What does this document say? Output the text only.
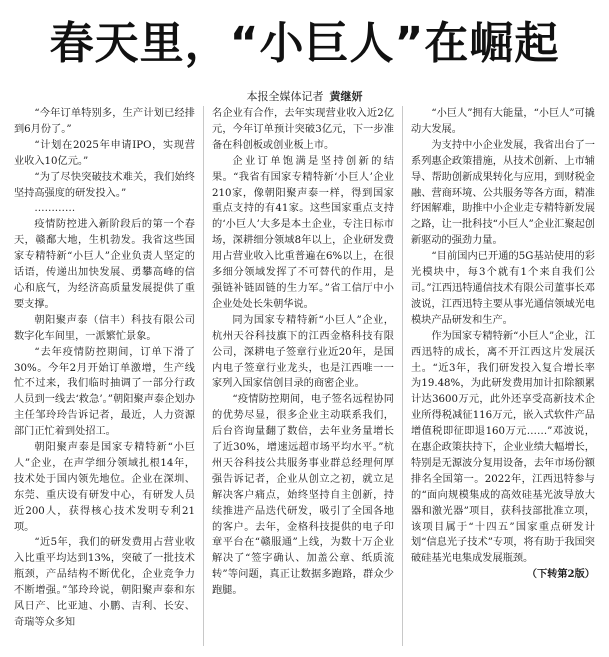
春天里，“小巨人”在崛起
本报全媒体记者 黄继妍

“今年订单特别多，生产计划已经排到6月份了。”

“计划在2025年申请IPO，实现营业收入10亿元。”

“为了尽快突破技术难关，我们始终坚持高强度的研发投入。”

…………

疫情防控进入新阶段后的第一个春天，赣鄱大地，生机勃发。我省这些国家专精特新“小巨人”企业负责人坚定的话语，传递出加快发展、勇攀高峰的信心和底气，为经济高质量发展提供了重要支撑。

朝阳聚声泰（信丰）科技有限公司数字化车间里，一派繁忙景象。

“去年疫情防控期间，订单下滑了30%。今年2月开始订单激增，生产线忙不过来，我们临时抽调了一部分行政人员到一线去‘救急’。”朝阳聚声泰企划办主任邹玲玲告诉记者，最近，人力资源部门正忙着到处招工。

朝阳聚声泰是国家专精特新“小巨人”企业，在声学细分领域扎根14年，技术处于国内领先地位。企业在深圳、东莞、重庆设有研发中心，有研发人员近200人，获得核心技术发明专利21项。

“近5年，我们的研发费用占营业收入比重平均达到13%，突破了一批技术瓶颈，产品结构不断优化，企业竞争力不断增强。”邹玲玲说，朝阳聚声泰和东风日产、比亚迪、小鹏、吉利、长安、奇瑞等众多知

名企业有合作，去年实现营业收入近2亿元，今年订单预计突破3亿元，下一步准备在科创板或创业板上市。

企业订单饱满是坚持创新的结果。“我省有国家专精特新‘小巨人’企业210家，像朝阳聚声泰一样，得到国家重点支持的有41家。这些国家重点支持的‘小巨人’大多是本土企业，专注日标市场，深耕细分领域8年以上，企业研发费用占营业收入比重普遍在6%以上，在很多细分领域发挥了不可替代的作用，是强链补链固链的生力军。”省工信厅中小企业处处长朱朝华说。

同为国家专精特新“小巨人”企业，杭州天谷科技旗下的江西金格科技有限公司，深耕电子签章行业近20年，是国内电子签章行业龙头，也是江西唯一一家列入国家信创目录的商密企业。

“疫情防控期间，电子签名远程协同的优势尽显，很多企业主动联系我们，后台咨询量翻了数倍，去年业务量增长了近30%，增速远超市场平均水平。”杭州天谷科技公共服务事业群总经理何厚强告诉记者，企业从创立之初，就立足解决客户痛点，始终坚持自主创新，持续推进产品迭代研发，吸引了全国各地的客户。去年，金格科技提供的电子印章平台在“赣服通”上线，为数十万企业解决了“签字确认、加盖公章、纸质流转”等问题，真正让数据多跑路，群众少跑腿。

“小巨人”拥有大能量，“小巨人”可撬动大发展。

为支持中小企业发展，我省出台了一系列惠企政策措施，从技术创新、上市辅导、帮助创新成果转化与应用，到财税金融、营商环境、公共服务等各方面，精准纾困解难，助推中小企业走专精特新发展之路，让一批科技“小巨人”企业汇聚起创新驱动的强劲力量。

“目前国内已开通的5G基站使用的彩光模块中，每3个就有1个来自我们公司。”江西迅特通信技术有限公司董事长邓波说，江西迅特主要从事光通信领域光电模块产品研发和生产。

作为国家专精特新“小巨人”企业，江西迅特的成长，离不开江西这片发展沃土。“近3年，我们研发投入复合增长率为19.48%，为此研发费用加计扣除额累计达3600万元，此外还享受高新技术企业所得税减征116万元，嵌入式软件产品增值税即征即退160万元……”邓波说，在惠企政策扶持下，企业业绩大幅增长，特别是无源波分复用设备，去年市场份额排名全国第一。2022年，江西迅特参与的“面向规模集成的高效硅基光波导放大器和激光器”项目，获科技部批准立项，该项目属于“十四五”国家重点研发计划“信息光子技术”专项，将有助于我国突破硅基光电集成发展瓶颈。
（下转第2版）
